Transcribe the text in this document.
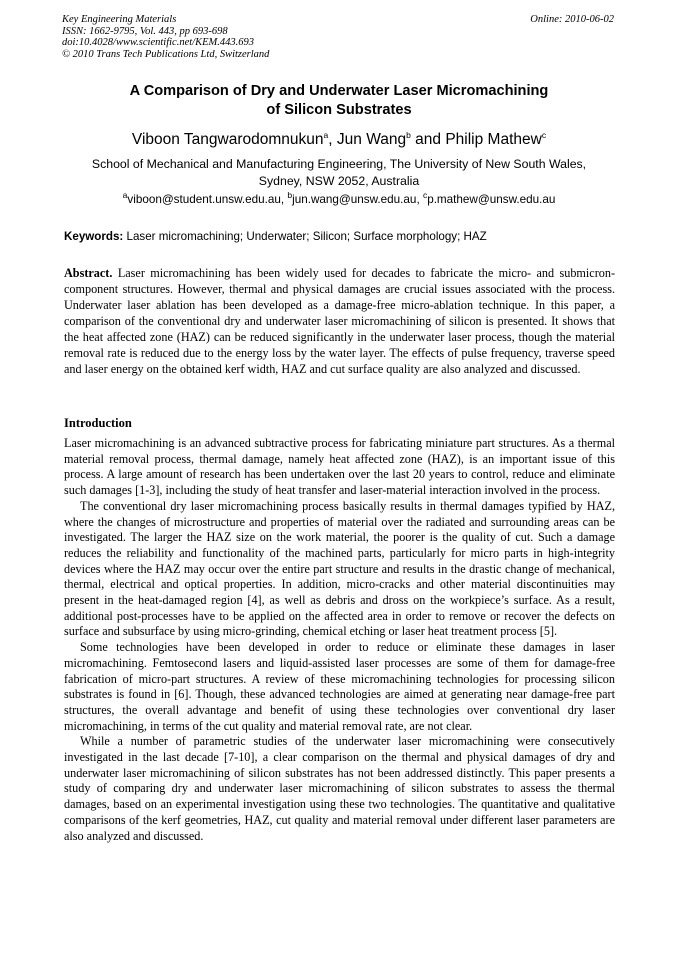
Key Engineering Materials
ISSN: 1662-9795, Vol. 443, pp 693-698
doi:10.4028/www.scientific.net/KEM.443.693
© 2010 Trans Tech Publications Ltd, Switzerland
Online: 2010-06-02
A Comparison of Dry and Underwater Laser Micromachining
of Silicon Substrates
Viboon Tangwarodomnukun$^a$, Jun Wang$^b$ and Philip Mathew$^c$
School of Mechanical and Manufacturing Engineering, The University of New South Wales,
Sydney, NSW 2052, Australia
$^a$viboon@student.unsw.edu.au, $^b$jun.wang@unsw.edu.au, $^c$p.mathew@unsw.edu.au
Keywords: Laser micromachining; Underwater; Silicon; Surface morphology; HAZ
Abstract. Laser micromachining has been widely used for decades to fabricate the micro- and submicron-component structures. However, thermal and physical damages are crucial issues associated with the process. Underwater laser ablation has been developed as a damage-free micro-ablation technique. In this paper, a comparison of the conventional dry and underwater laser micromachining of silicon is presented. It shows that the heat affected zone (HAZ) can be reduced significantly in the underwater laser process, though the material removal rate is reduced due to the energy loss by the water layer. The effects of pulse frequency, traverse speed and laser energy on the obtained kerf width, HAZ and cut surface quality are also analyzed and discussed.
Introduction

Laser micromachining is an advanced subtractive process for fabricating miniature part structures. As a thermal material removal process, thermal damage, namely heat affected zone (HAZ), is an important issue of this process. A large amount of research has been undertaken over the last 20 years to control, reduce and eliminate such damages [1-3], including the study of heat transfer and laser-material interaction involved in the process.

The conventional dry laser micromachining process basically results in thermal damages typified by HAZ, where the changes of microstructure and properties of material over the radiated and surrounding areas can be investigated. The larger the HAZ size on the work material, the poorer is the quality of cut. Such a damage reduces the reliability and functionality of the machined parts, particularly for micro parts in high-integrity devices where the HAZ may occur over the entire part structure and results in the drastic change of mechanical, thermal, electrical and optical properties. In addition, micro-cracks and other material discontinuities may present in the heat-damaged region [4], as well as debris and dross on the workpiece’s surface. As a result, additional post-processes have to be applied on the affected area in order to remove or recover the defects on surface and subsurface by using micro-grinding, chemical etching or laser heat treatment process [5].

Some technologies have been developed in order to reduce or eliminate these damages in laser micromachining. Femtosecond lasers and liquid-assisted laser processes are some of them for damage-free fabrication of micro-part structures. A review of these micromachining technologies for processing silicon substrates is found in [6]. Though, these advanced technologies are aimed at generating near damage-free part structures, the overall advantage and benefit of using these technologies over conventional dry laser micromachining, in terms of the cut quality and material removal rate, are not clear.

While a number of parametric studies of the underwater laser micromachining were consecutively investigated in the last decade [7-10], a clear comparison on the thermal and physical damages of dry and underwater laser micromachining of silicon substrates has not been addressed distinctly. This paper presents a study of comparing dry and underwater laser micromachining of silicon substrates to assess the thermal damages, based on an experimental investigation using these two technologies. The quantitative and qualitative comparisons of the kerf geometries, HAZ, cut quality and material removal under different laser parameters are also analyzed and discussed.
